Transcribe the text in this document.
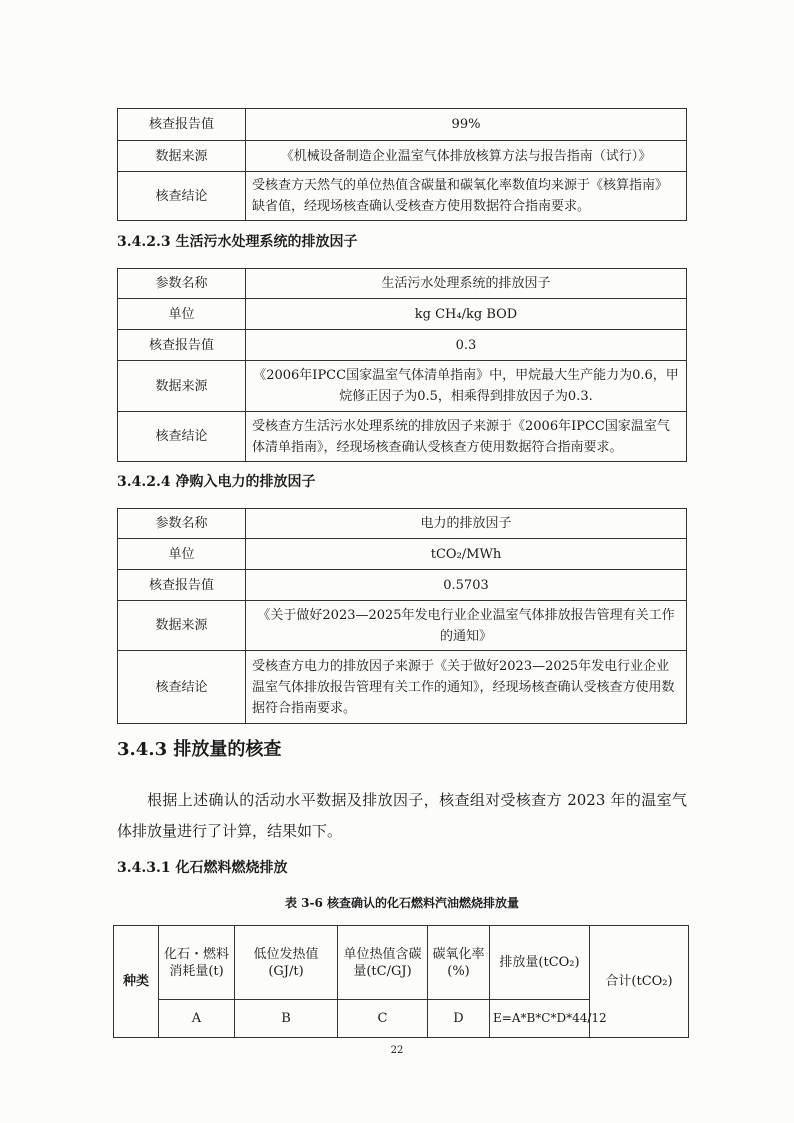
核查报告值	99%
数据来源	《机械设备制造企业温室气体排放核算方法与报告指南（试行）》
核查结论	受核查方天然气的单位热值含碳量和碳氧化率数值均来源于《核算指南》缺省值，经现场核查确认受核查方使用数据符合指南要求。
3.4.2.3 生活污水处理系统的排放因子
参数名称	生活污水处理系统的排放因子
单位	kg CH₄/kg BOD
核查报告值	0.3
数据来源	《2006年IPCC国家温室气体清单指南》中，甲烷最大生产能力为0.6，甲烷修正因子为0.5，相乘得到排放因子为0.3.
核查结论	受核查方生活污水处理系统的排放因子来源于《2006年IPCC国家温室气体清单指南》，经现场核查确认受核查方使用数据符合指南要求。
3.4.2.4 净购入电力的排放因子
参数名称	电力的排放因子
单位	tCO₂/MWh
核查报告值	0.5703
数据来源	《关于做好2023—2025年发电行业企业温室气体排放报告管理有关工作的通知》
核查结论	受核查方电力的排放因子来源于《关于做好2023—2025年发电行业企业温室气体排放报告管理有关工作的通知》，经现场核查确认受核查方使用数据符合指南要求。
3.4.3 排放量的核查
根据上述确认的活动水平数据及排放因子，核查组对受核查方 2023 年的温室气体排放量进行了计算，结果如下。
3.4.3.1 化石燃料燃烧排放
表 3-6 核查确认的化石燃料汽油燃烧排放量
种类	化石・燃料消耗量(t)	低位发热值(GJ/t)	单位热值含碳量(tC/GJ)	碳氧化率(%)	排放量(tCO₂)	合计(tCO₂)
	A	B	C	D	E=A*B*C*D*44/12	
22
